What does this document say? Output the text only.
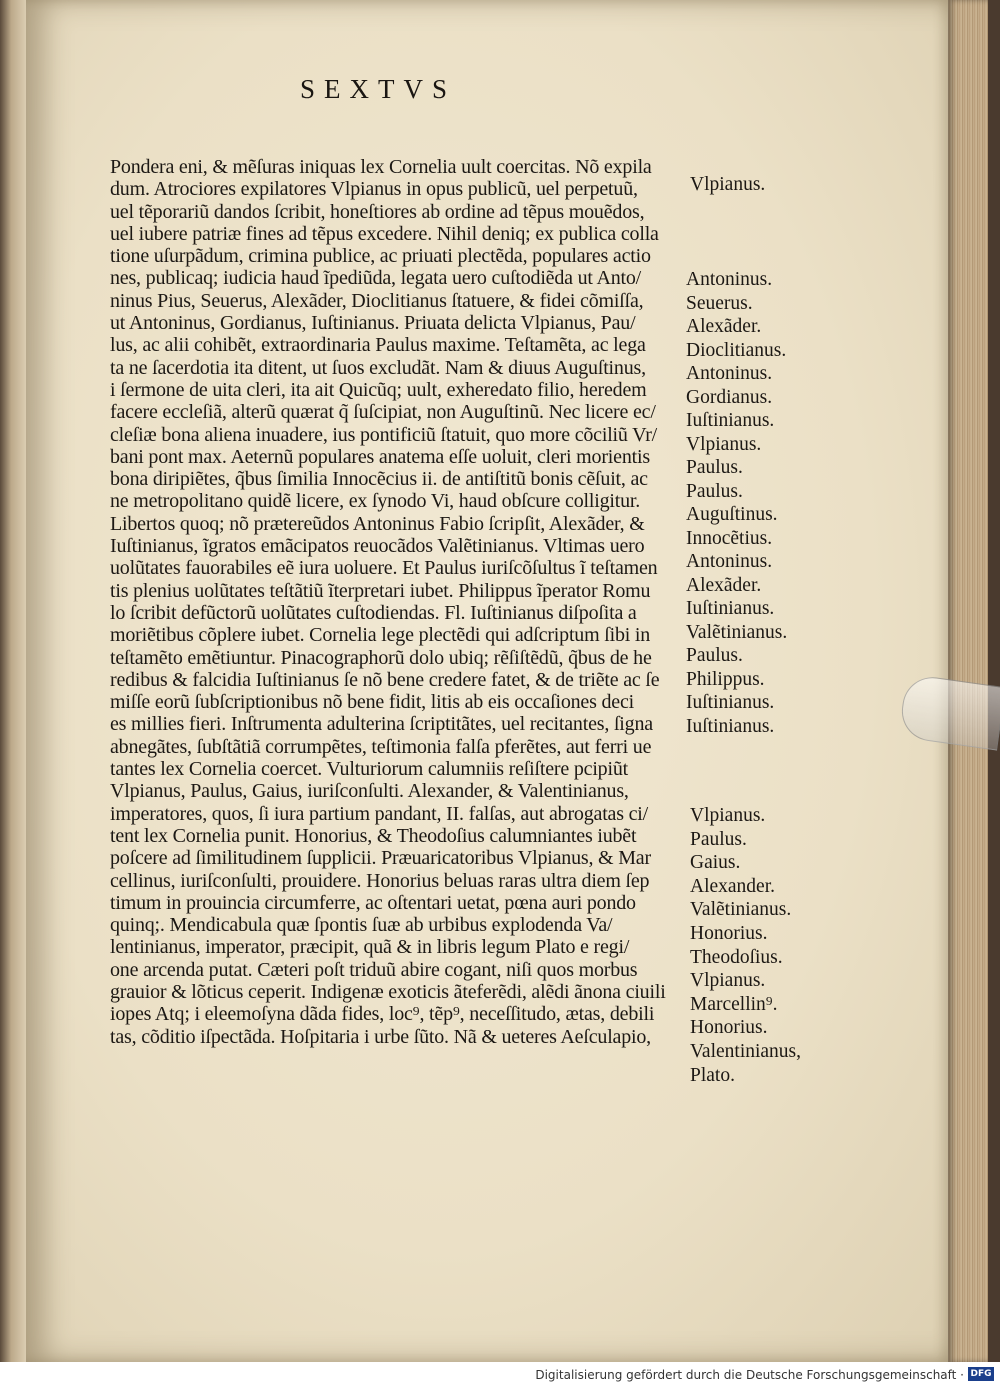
SEXTVS
Pondera eni, & mẽſuras iniquas lex Cornelia uult coercitas. Nõ expila
dum. Atrociores expilatores Vlpianus in opus publicũ, uel perpetuũ,
uel tẽporariũ dandos ſcribit, honeſtiores ab ordine ad tẽpus mouẽdos,
uel iubere patriæ fines ad tẽpus excedere. Nihil deniq; ex publica colla
tione uſurpãdum, crimina publice, ac priuati plectẽda, populares actio
nes, publicaq; iudicia haud ĩpediũda, legata uero cuſtodiẽda ut Anto/
ninus Pius, Seuerus, Alexãder, Dioclitianus ſtatuere, & fidei cõmiſſa,
ut Antoninus, Gordianus, Iuſtinianus. Priuata delicta Vlpianus, Pau/
lus, ac alii cohibẽt, extraordinaria Paulus maxime. Teſtamẽta, ac lega
ta ne ſacerdotia ita ditent, ut ſuos excludãt. Nam & diuus Auguſtinus,
i ſermone de uita cleri, ita ait Quicũq; uult, exheredato filio, heredem
facere eccleſiã, alterũ quærat q̃ ſuſcipiat, non Auguſtinũ. Nec licere ec/
cleſiæ bona aliena inuadere, ius pontificiũ ſtatuit, quo more cõciliũ Vr/
bani pont max. Aeternũ populares anatema eſſe uoluit, cleri morientis
bona diripiẽtes, q̃bus ſimilia Innocẽcius ii. de antiſtitũ bonis cẽſuit, ac
ne metropolitano quidẽ licere, ex ſynodo Vi, haud obſcure colligitur.
Libertos quoq; nõ prætereũdos Antoninus Fabio ſcripſit, Alexãder, &
Iuſtinianus, ĩgratos emãcipatos reuocãdos Valẽtinianus. Vltimas uero
uolũtates fauorabiles eẽ iura uoluere. Et Paulus iuriſcõſultus ĩ teſtamen
tis plenius uolũtates teſtãtiũ ĩterpretari iubet. Philippus ĩperator Romu
lo ſcribit defũctorũ uolũtates cuſtodiendas. Fl. Iuſtinianus diſpoſita a
moriẽtibus cõplere iubet. Cornelia lege plectẽdi qui adſcriptum ſibi in
teſtamẽto emẽtiuntur. Pinacographorũ dolo ubiq; rẽſiſtẽdũ, q̃bus de he
redibus & falcidia Iuſtinianus ſe nõ bene credere fatet, & de triẽte ac ſe
miſſe eorũ ſubſcriptionibus nõ bene fidit, litis ab eis occaſiones deci
es millies fieri. Inſtrumenta adulterina ſcriptitãtes, uel recitantes, ſigna
abnegãtes, ſubſtãtiã corrumpẽtes, teſtimonia falſa pferẽtes, aut ferri ue
tantes lex Cornelia coercet. Vulturiorum calumniis reſiſtere pcipiũt
Vlpianus, Paulus, Gaius, iuriſconſulti. Alexander, & Valentinianus,
imperatores, quos, ſi iura partium pandant, II. falſas, aut abrogatas ci/
tent lex Cornelia punit. Honorius, & Theodoſius calumniantes iubẽt
poſcere ad ſimilitudinem ſupplicii. Præuaricatoribus Vlpianus, & Mar
cellinus, iuriſconſulti, prouidere. Honorius beluas raras ultra diem ſep
timum in prouincia circumferre, ac oſtentari uetat, pœna auri pondo
quinq;. Mendicabula quæ ſpontis ſuæ ab urbibus explodenda Va/
lentinianus, imperator, præcipit, quã & in libris legum Plato e regi/
one arcenda putat. Cæteri poſt triduũ abire cogant, niſi quos morbus
grauior & lõticus ceperit. Indigenæ exoticis ãteferẽdi, alẽdi ãnona ciuili
iopes Atq; i eleemoſyna dãda fides, loc⁹, tẽp⁹, neceſſitudo, ætas, debili
tas, cõditio iſpectãda. Hoſpitaria i urbe ſũto. Nã & ueteres Aeſculapio,
Vlpianus.
Antoninus.
Seuerus.
Alexãder.
Dioclitianus.
Antoninus.
Gordianus.
Iuſtinianus.
Vlpianus.
Paulus.
Paulus.
Auguſtinus.
Innocẽtius.
Antoninus.
Alexãder.
Iuſtinianus.
Valẽtinianus.
Paulus.
Philippus.
Iuſtinianus.
Iuſtinianus.
Vlpianus.
Paulus.
Gaius.
Alexander.
Valẽtinianus.
Honorius.
Theodoſius.
Vlpianus.
Marcellin⁹.
Honorius.
Valentinianus,
Plato.
Digitalisierung gefördert durch die Deutsche Forschungsgemeinschaft · DFG
